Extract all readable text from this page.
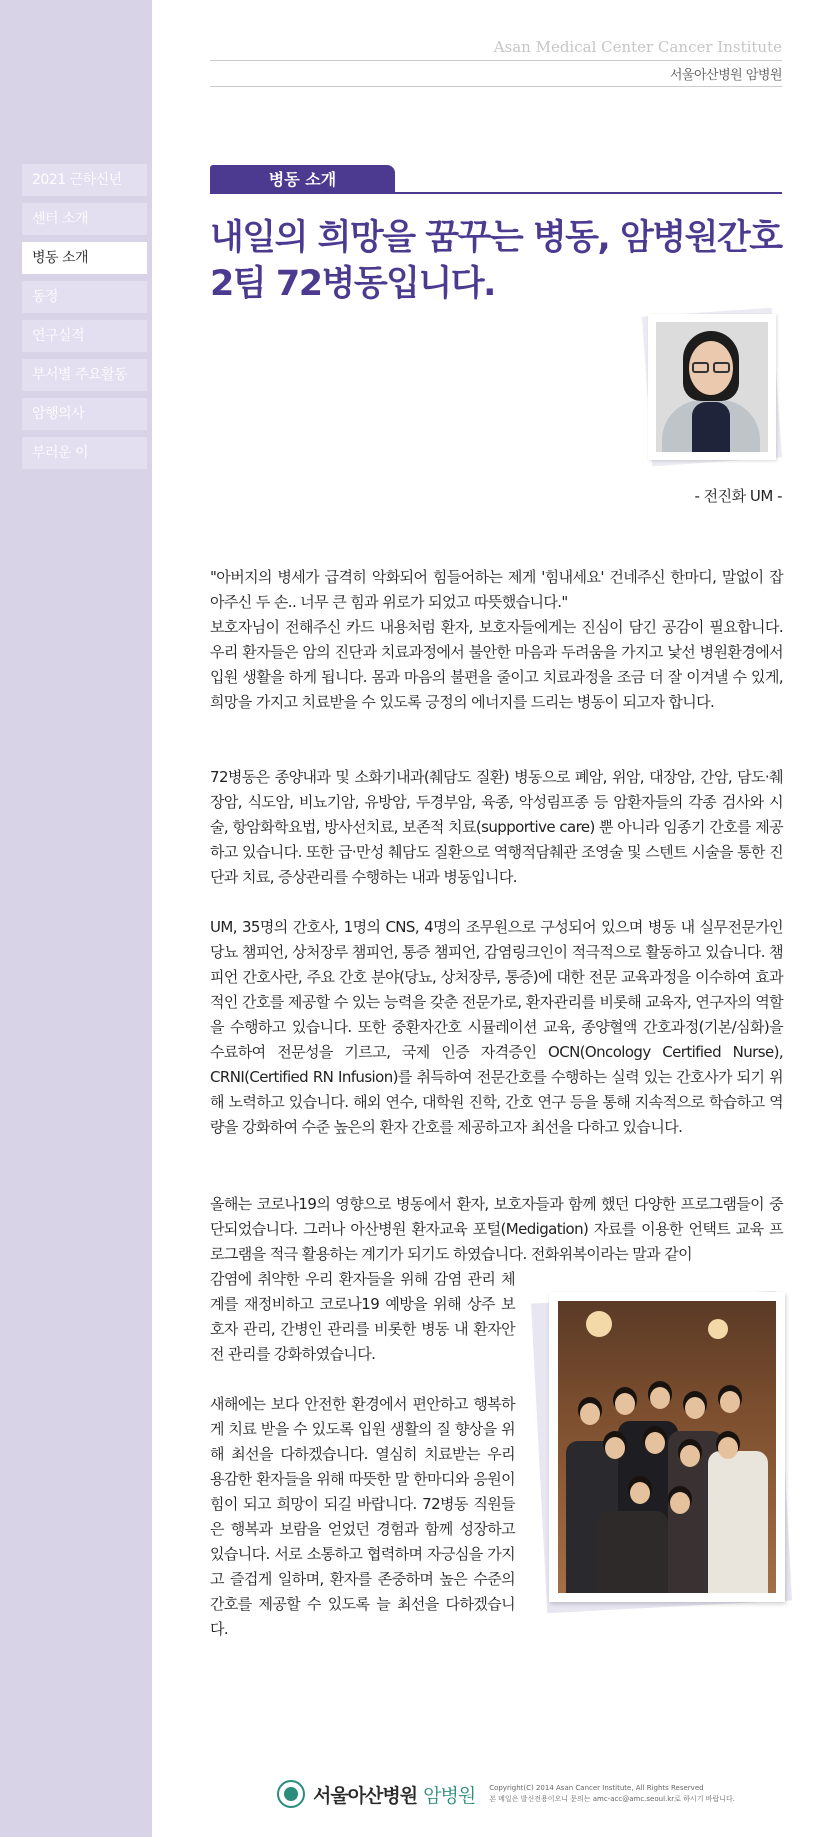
2021 근하신년
센터 소개
병동 소개
동정
연구실적
부서별 주요활동
암행의사
부러운 이
Asan Medical Center Cancer Institute
서울아산병원 암병원
병동 소개
내일의 희망을 꿈꾸는 병동, 암병원간호2팀 72병동입니다.
- 전진화 UM -
"아버지의 병세가 급격히 악화되어 힘들어하는 제게 '힘내세요' 건네주신 한마디, 말없이 잡아주신 두 손.. 너무 큰 힘과 위로가 되었고 따뜻했습니다."
보호자님이 전해주신 카드 내용처럼 환자, 보호자들에게는 진심이 담긴 공감이 필요합니다. 우리 환자들은 암의 진단과 치료과정에서 불안한 마음과 두려움을 가지고 낯선 병원환경에서 입원 생활을 하게 됩니다. 몸과 마음의 불편을 줄이고 치료과정을 조금 더 잘 이겨낼 수 있게, 희망을 가지고 치료받을 수 있도록 긍정의 에너지를 드리는 병동이 되고자 합니다.
72병동은 종양내과 및 소화기내과(췌담도 질환) 병동으로 폐암, 위암, 대장암, 간암, 담도·췌장암, 식도암, 비뇨기암, 유방암, 두경부암, 육종, 악성림프종 등 암환자들의 각종 검사와 시술, 항암화학요법, 방사선치료, 보존적 치료(supportive care) 뿐 아니라 임종기 간호를 제공하고 있습니다. 또한 급·만성 췌담도 질환으로 역행적담췌관 조영술 및 스텐트 시술을 통한 진단과 치료, 증상관리를 수행하는 내과 병동입니다.
UM, 35명의 간호사, 1명의 CNS, 4명의 조무원으로 구성되어 있으며 병동 내 실무전문가인 당뇨 챔피언, 상처장루 챔피언, 통증 챔피언, 감염링크인이 적극적으로 활동하고 있습니다. 챔피언 간호사란, 주요 간호 분야(당뇨, 상처장루, 통증)에 대한 전문 교육과정을 이수하여 효과적인 간호를 제공할 수 있는 능력을 갖춘 전문가로, 환자관리를 비롯해 교육자, 연구자의 역할을 수행하고 있습니다. 또한 중환자간호 시뮬레이션 교육, 종양혈액 간호과정(기본/심화)을 수료하여 전문성을 기르고, 국제 인증 자격증인 OCN(Oncology Certified Nurse), CRNI(Certified RN Infusion)를 취득하여 전문간호를 수행하는 실력 있는 간호사가 되기 위해 노력하고 있습니다. 해외 연수, 대학원 진학, 간호 연구 등을 통해 지속적으로 학습하고 역량을 강화하여 수준 높은의 환자 간호를 제공하고자 최선을 다하고 있습니다.
올해는 코로나19의 영향으로 병동에서 환자, 보호자들과 함께 했던 다양한 프로그램들이 중단되었습니다. 그러나 아산병원 환자교육 포털(Medigation) 자료를 이용한 언택트 교육 프로그램을 적극 활용하는 계기가 되기도 하였습니다. 전화위복이라는 말과 같이
감염에 취약한 우리 환자들을 위해 감염 관리 체계를 재정비하고 코로나19 예방을 위해 상주 보호자 관리, 간병인 관리를 비롯한 병동 내 환자안전 관리를 강화하였습니다.
새해에는 보다 안전한 환경에서 편안하고 행복하게 치료 받을 수 있도록 입원 생활의 질 향상을 위해 최선을 다하겠습니다. 열심히 치료받는 우리 용감한 환자들을 위해 따뜻한 말 한마디와 응원이 힘이 되고 희망이 되길 바랍니다. 72병동 직원들은 행복과 보람을 얻었던 경험과 함께 성장하고 있습니다. 서로 소통하고 협력하며 자긍심을 가지고 즐겁게 일하며, 환자를 존중하며 높은 수준의 간호를 제공할 수 있도록 늘 최선을 다하겠습니다.
서울아산병원 암병원 Copyright(C) 2014 Asan Cancer Institute, All Rights Reserved
본 메일은 발신전용이오니 문의는 amc-acc@amc.seoul.kr로 하시기 바랍니다.
